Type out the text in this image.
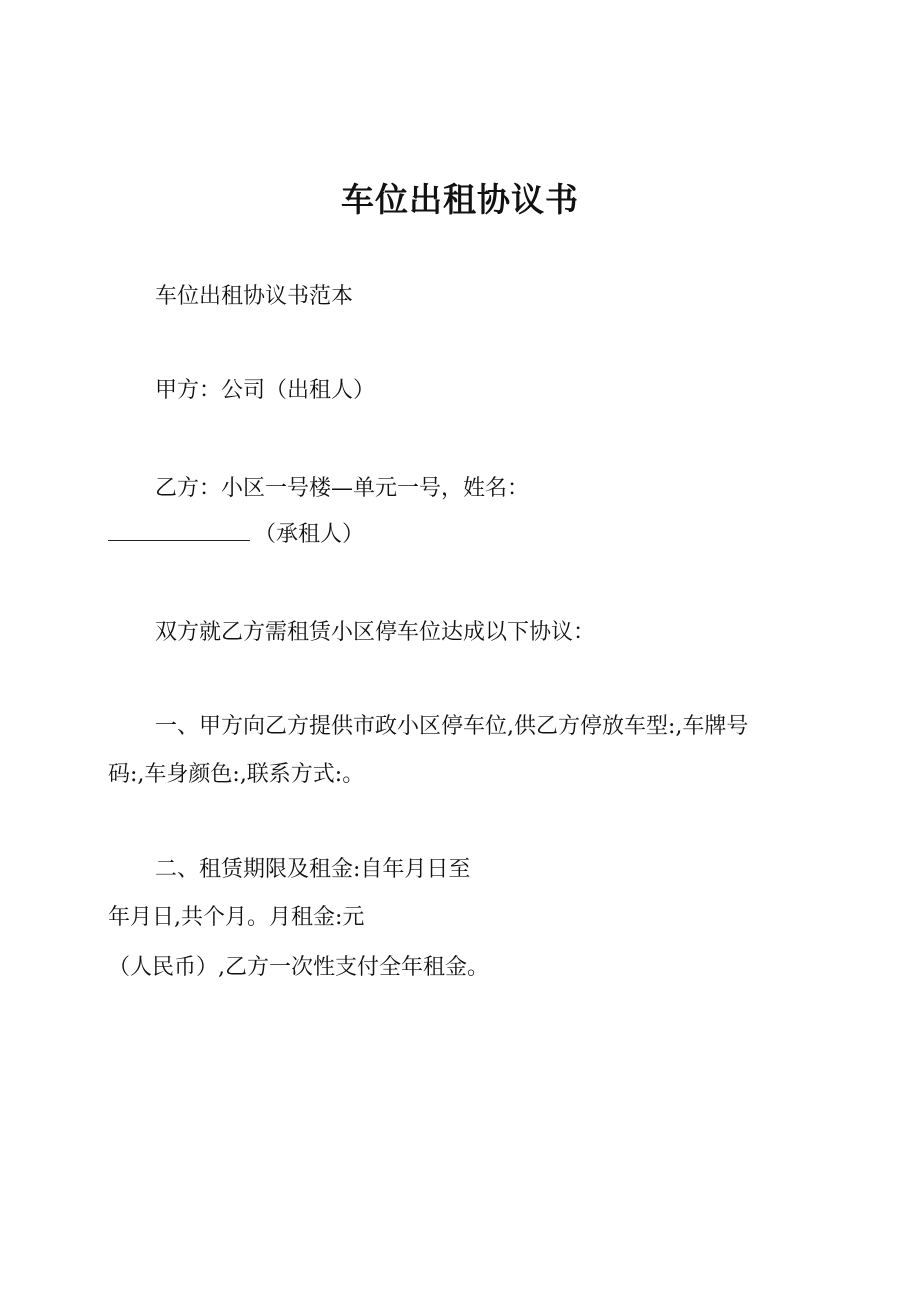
车位出租协议书

车位出租协议书范本

甲方：公司（出租人）

乙方：小区一号楼—单元一号，姓名：

（承租人）

双方就乙方需租赁小区停车位达成以下协议：

一、甲方向乙方提供市政小区停车位,供乙方停放车型:,车牌号

码:,车身颜色:,联系方式:。

二、租赁期限及租金:自年月日至

年月日,共个月。月租金:元

（人民币）,乙方一次性支付全年租金。
